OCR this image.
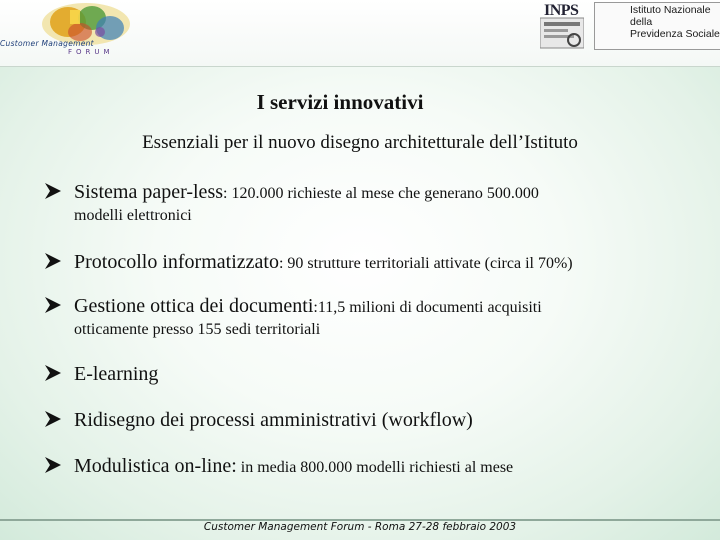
Customer Management
FORUM
INPS	Istituto Nazionale
della
Previdenza Sociale
I servizi innovativi
Essenziali per il nuovo disegno architetturale dell’Istituto
Sistema paper-less: 120.000 richieste al mese che generano 500.000
modelli elettronici
Protocollo informatizzato: 90 strutture territoriali attivate (circa il 70%)
Gestione ottica dei documenti:11,5 milioni di documenti acquisiti
otticamente presso 155 sedi territoriali
E-learning
Ridisegno dei processi amministrativi (workflow)
Modulistica on-line: in media 800.000 modelli richiesti al mese
Customer Management Forum - Roma 27-28 febbraio 2003
